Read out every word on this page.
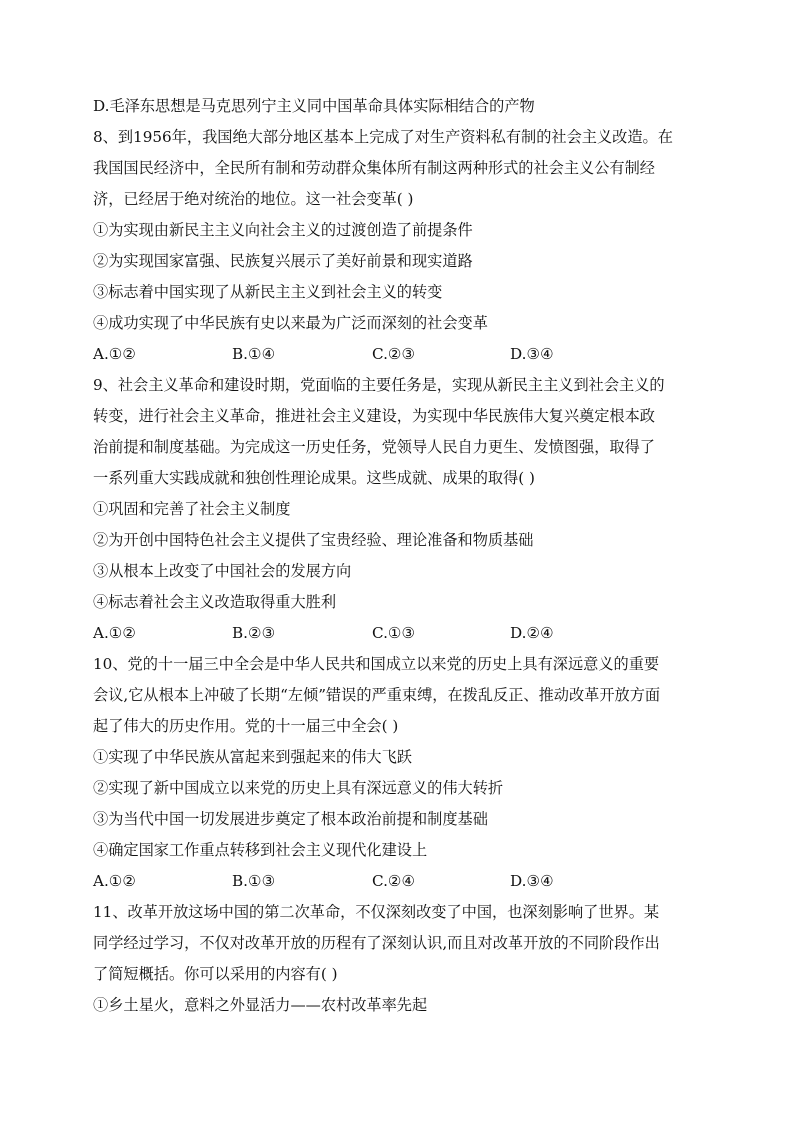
D.毛泽东思想是马克思列宁主义同中国革命具体实际相结合的产物
8、到1956年，我国绝大部分地区基本上完成了对生产资料私有制的社会主义改造。在
我国国民经济中，全民所有制和劳动群众集体所有制这两种形式的社会主义公有制经
济，已经居于绝对统治的地位。这一社会变革( )
①为实现由新民主主义向社会主义的过渡创造了前提条件
②为实现国家富强、民族复兴展示了美好前景和现实道路
③标志着中国实现了从新民主主义到社会主义的转变
④成功实现了中华民族有史以来最为广泛而深刻的社会变革
A.①②	B.①④	C.②③	D.③④
9、社会主义革命和建设时期，党面临的主要任务是，实现从新民主主义到社会主义的
转变，进行社会主义革命，推进社会主义建设，为实现中华民族伟大复兴奠定根本政
治前提和制度基础。为完成这一历史任务，党领导人民自力更生、发愤图强，取得了
一系列重大实践成就和独创性理论成果。这些成就、成果的取得( )
①巩固和完善了社会主义制度
②为开创中国特色社会主义提供了宝贵经验、理论准备和物质基础
③从根本上改变了中国社会的发展方向
④标志着社会主义改造取得重大胜利
A.①②	B.②③	C.①③	D.②④
10、党的十一届三中全会是中华人民共和国成立以来党的历史上具有深远意义的重要
会议,它从根本上冲破了长期“左倾”错误的严重束缚，在拨乱反正、推动改革开放方面
起了伟大的历史作用。党的十一届三中全会( )
①实现了中华民族从富起来到强起来的伟大飞跃
②实现了新中国成立以来党的历史上具有深远意义的伟大转折
③为当代中国一切发展进步奠定了根本政治前提和制度基础
④确定国家工作重点转移到社会主义现代化建设上
A.①②	B.①③	C.②④	D.③④
11、改革开放这场中国的第二次革命，不仅深刻改变了中国，也深刻影响了世界。某
同学经过学习，不仅对改革开放的历程有了深刻认识,而且对改革开放的不同阶段作出
了简短概括。你可以采用的内容有( )
①乡土星火，意料之外显活力——农村改革率先起
